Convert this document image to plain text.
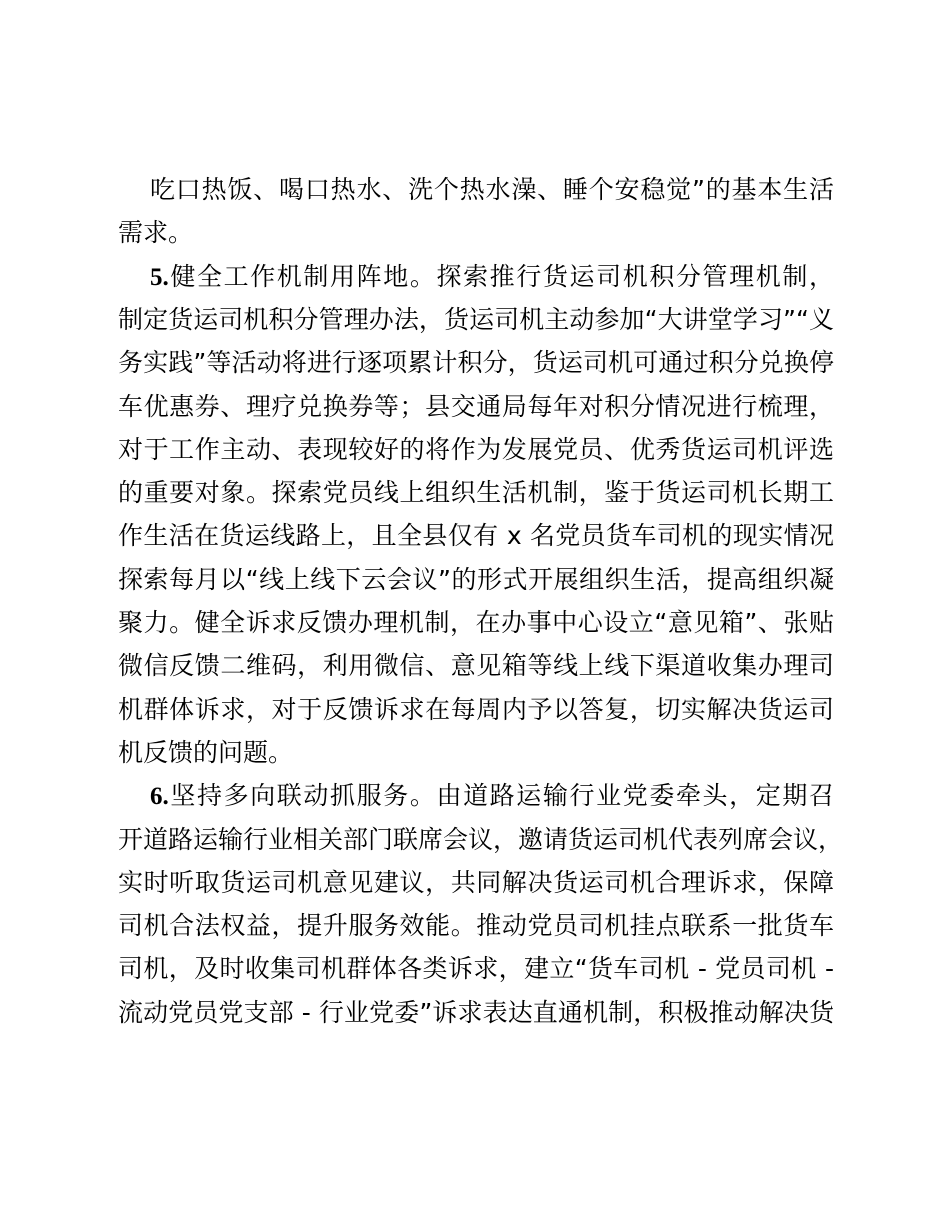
吃口热饭、喝口热水、洗个热水澡、睡个安稳觉”的基本生活
需求。
5.健全工作机制用阵地。探索推行货运司机积分管理机制，
制定货运司机积分管理办法，货运司机主动参加“大讲堂学习”“义
务实践”等活动将进行逐项累计积分，货运司机可通过积分兑换停
车优惠券、理疗兑换券等；县交通局每年对积分情况进行梳理，
对于工作主动、表现较好的将作为发展党员、优秀货运司机评选
的重要对象。探索党员线上组织生活机制，鉴于货运司机长期工
作生活在货运线路上，且全县仅有 x 名党员货车司机的现实情况
探索每月以“线上线下云会议”的形式开展组织生活，提高组织凝
聚力。健全诉求反馈办理机制，在办事中心设立“意见箱”、张贴
微信反馈二维码，利用微信、意见箱等线上线下渠道收集办理司
机群体诉求，对于反馈诉求在每周内予以答复，切实解决货运司
机反馈的问题。
6.坚持多向联动抓服务。由道路运输行业党委牵头，定期召
开道路运输行业相关部门联席会议，邀请货运司机代表列席会议，
实时听取货运司机意见建议，共同解决货运司机合理诉求，保障
司机合法权益，提升服务效能。推动党员司机挂点联系一批货车
司机，及时收集司机群体各类诉求，建立“货车司机 - 党员司机 -
流动党员党支部 - 行业党委”诉求表达直通机制，积极推动解决货
